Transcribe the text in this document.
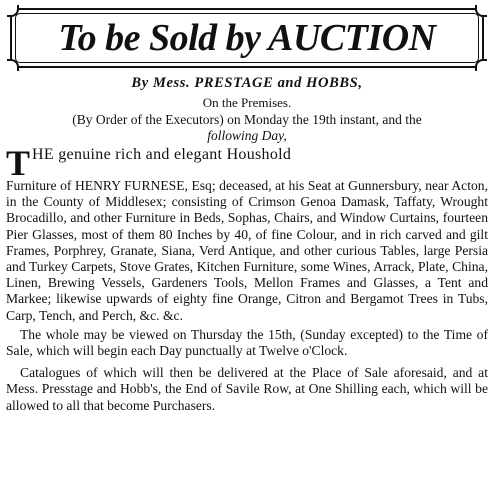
To be Sold by AUCTION
By Mess. PRESTAGE and HOBBS,
On the Premises.
(By Order of the Executors) on Monday the 19th instant, and the
following Day,
T HE genuine rich and elegant Houshold

Furniture of HENRY FURNESE, Esq; deceased, at his Seat at Gunnersbury, near Acton, in the County of Middlesex; consisting of Crimson Genoa Damask, Taffaty, Wrought Brocadillo, and other Furniture in Beds, Sophas, Chairs, and Window Curtains, fourteen Pier Glasses, most of them 80 Inches by 40, of fine Colour, and in rich carved and gilt Frames, Porphrey, Granate, Siana, Verd Antique, and other curious Tables, large Persia and Turkey Carpets, Stove Grates, Kitchen Furniture, some Wines, Arrack, Plate, China, Linen, Brewing Vessels, Gardeners Tools, Mellon Frames and Glasses, a Tent and Markee; likewise upwards of eighty fine Orange, Citron and Bergamot Trees in Tubs, Carp, Tench, and Perch, &c. &c.

The whole may be viewed on Thursday the 15th, (Sunday excepted) to the Time of Sale, which will begin each Day punctually at Twelve o'Clock.

Catalogues of which will then be delivered at the Place of Sale aforesaid, and at Mess. Presstage and Hobb's, the End of Savile Row, at One Shilling each, which will be allowed to all that become Purchasers.
